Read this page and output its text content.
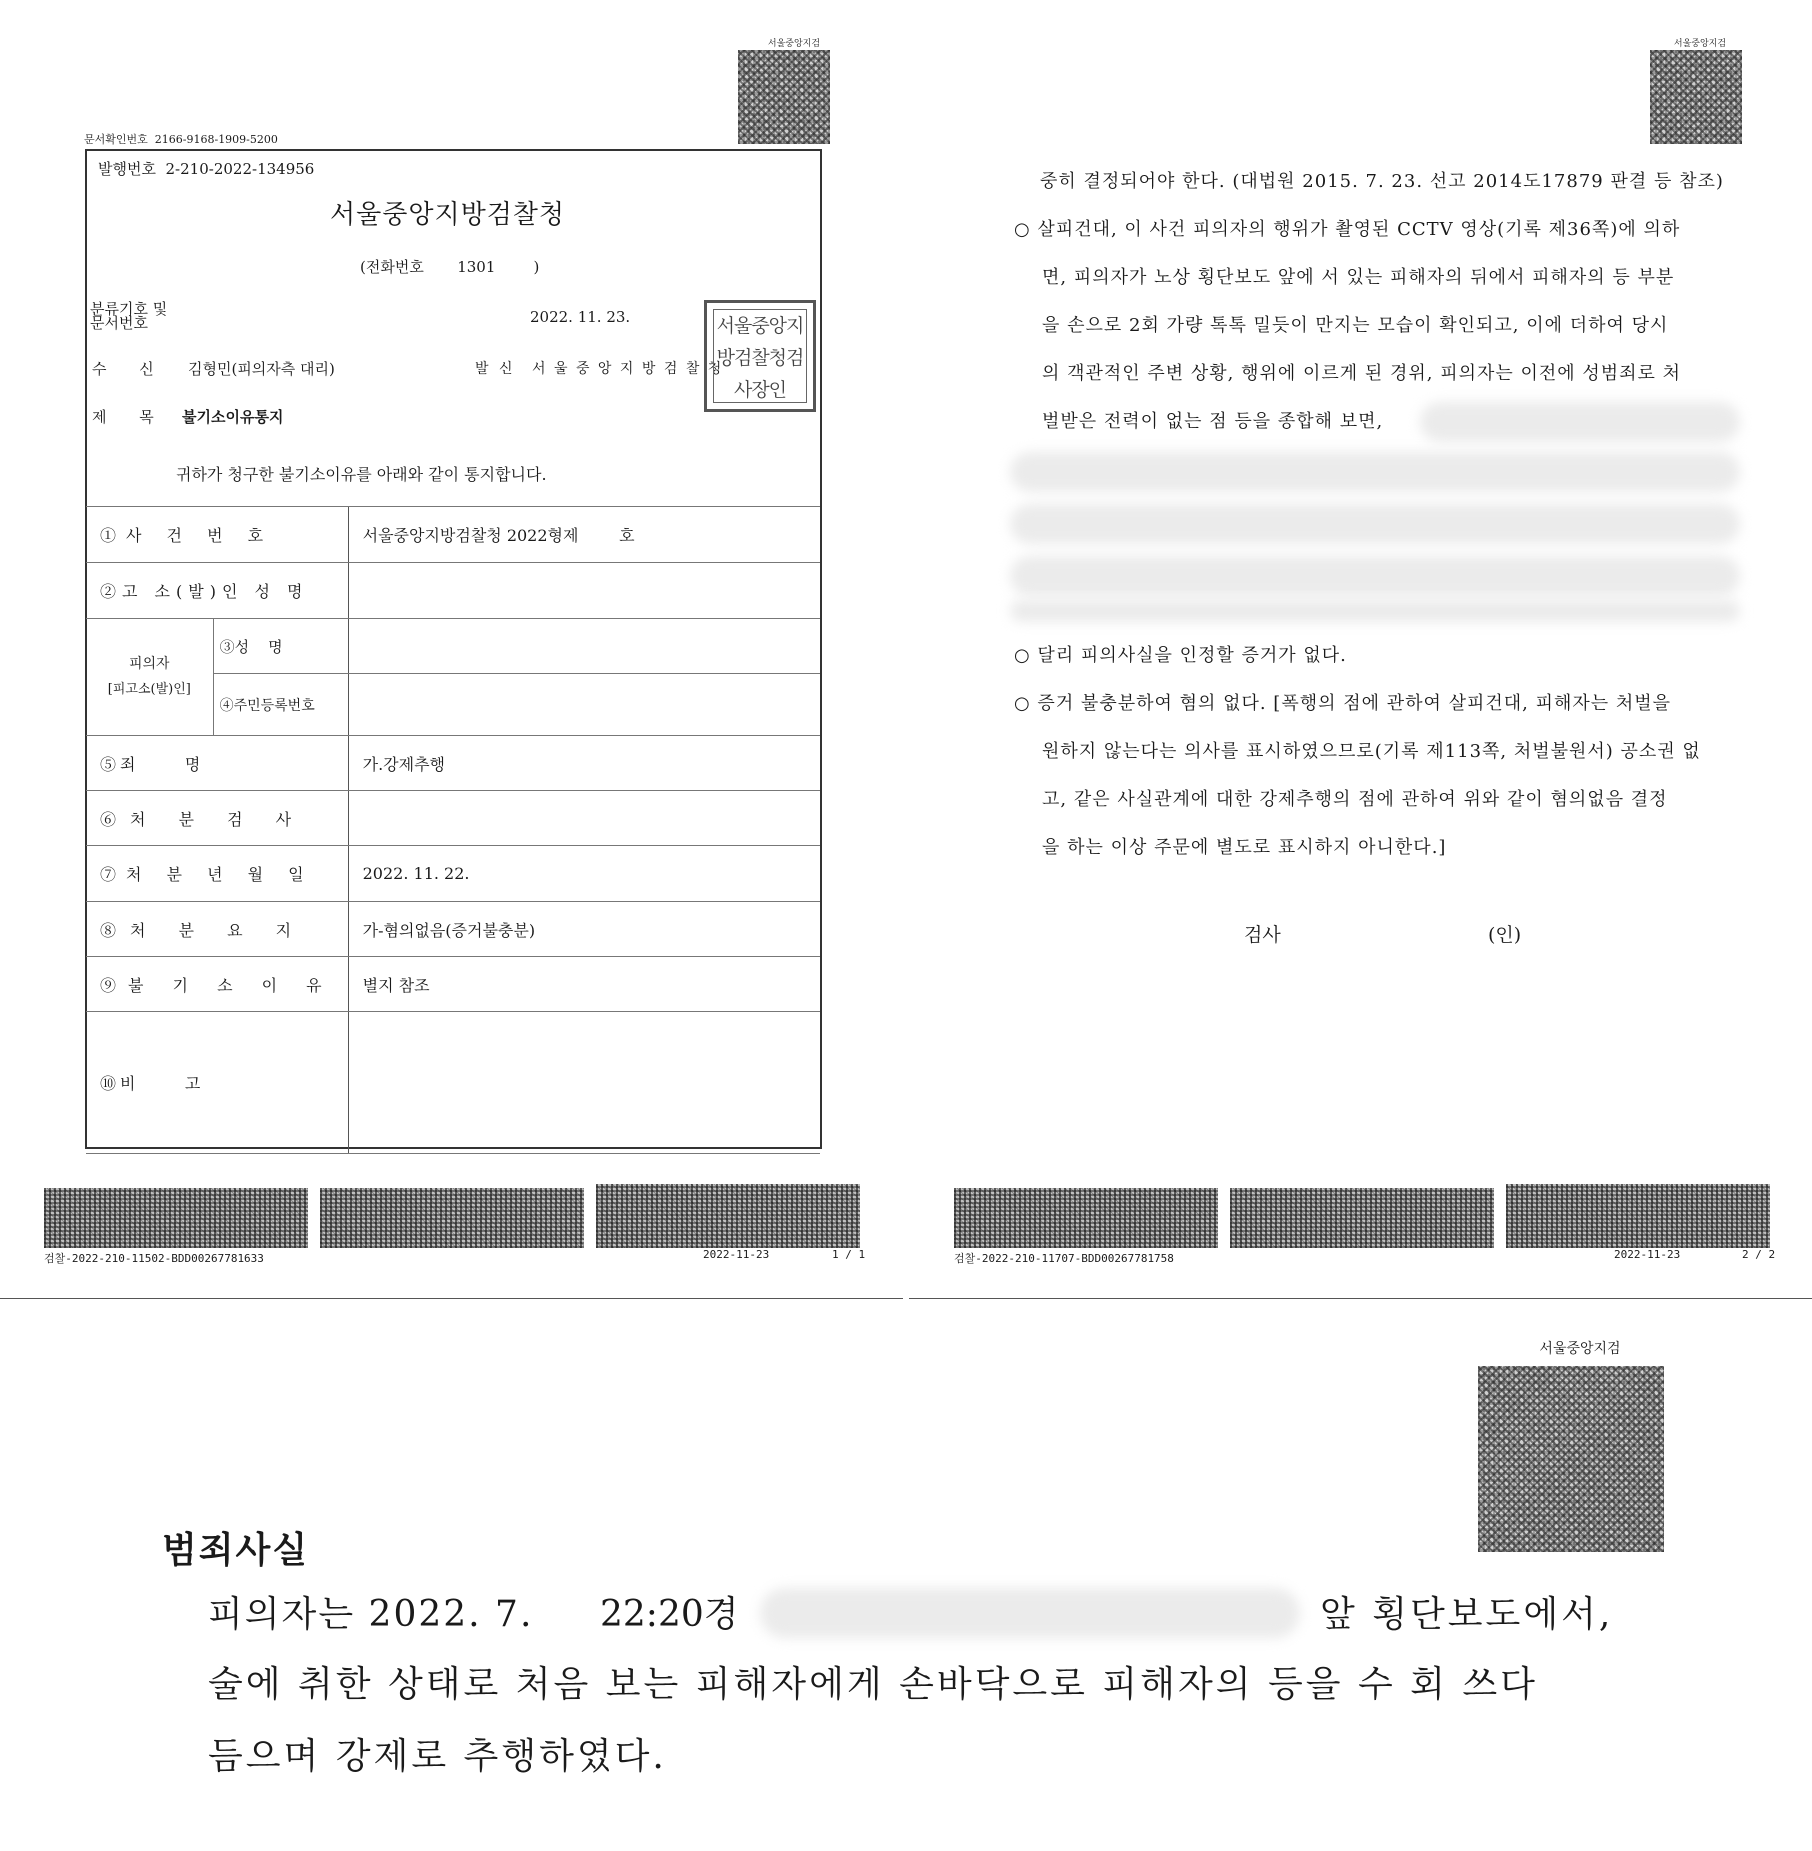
서울중앙지검
문서확인번호 2166-9168-1909-5200
발행번호 2-210-2022-134956
서울중앙지방검찰청
(전화번호 1301	)
분류기호 및
문서번호	2022. 11. 23.
수 신 김형민(피의자측 대리)	발 신 서 울 중 앙 지 방 검 찰 청
제 목 불기소이유통지
서울중앙지방검찰청검사장인
귀하가 청구한 불기소이유를 아래와 같이 통지합니다.
①사 건 번 호		서울중앙지방검찰청 2022형제        호
②고 소(발)인 성 명		

피의자
[피고소(발)인]	③성    명	
	④주민등록번호	
⑤죄     명		가.강제추행
⑥처 분 검 사		
⑦처 분 년 월 일		2022. 11. 22.
⑧처 분 요 지		가-혐의없음(증거불충분)
⑨불 기 소 이 유		별지 참조
⑩비     고		
검찰-2022-210-11502-BDD00267781633	2022-11-23	1 / 1
서울중앙지검
중히 결정되어야 한다. (대법원 2015. 7. 23. 선고 2014도17879 판결 등 참조)
○ 살피건대, 이 사건 피의자의 행위가 촬영된 CCTV 영상(기록 제36쪽)에 의하
면, 피의자가 노상 횡단보도 앞에 서 있는 피해자의 뒤에서 피해자의 등 부분
을 손으로 2회 가량 톡톡 밀듯이 만지는 모습이 확인되고, 이에 더하여 당시
의 객관적인 주변 상황, 행위에 이르게 된 경위, 피의자는 이전에 성범죄로 처
벌받은 전력이 없는 점 등을 종합해 보면,
○ 달리 피의사실을 인정할 증거가 없다.
○ 증거 불충분하여 혐의 없다. [폭행의 점에 관하여 살피건대, 피해자는 처벌을
원하지 않는다는 의사를 표시하였으므로(기록 제113쪽, 처벌불원서) 공소권 없
고, 같은 사실관계에 대한 강제추행의 점에 관하여 위와 같이 혐의없음 결정
을 하는 이상 주문에 별도로 표시하지 아니한다.]
검사	(인)
검찰-2022-210-11707-BDD00267781758	2022-11-23	2 / 2
서울중앙지검
범죄사실
피의자는 2022. 7. 22:20경	앞 횡단보도에서,
술에 취한 상태로 처음 보는 피해자에게 손바닥으로 피해자의 등을 수 회 쓰다
듬으며 강제로 추행하였다.
